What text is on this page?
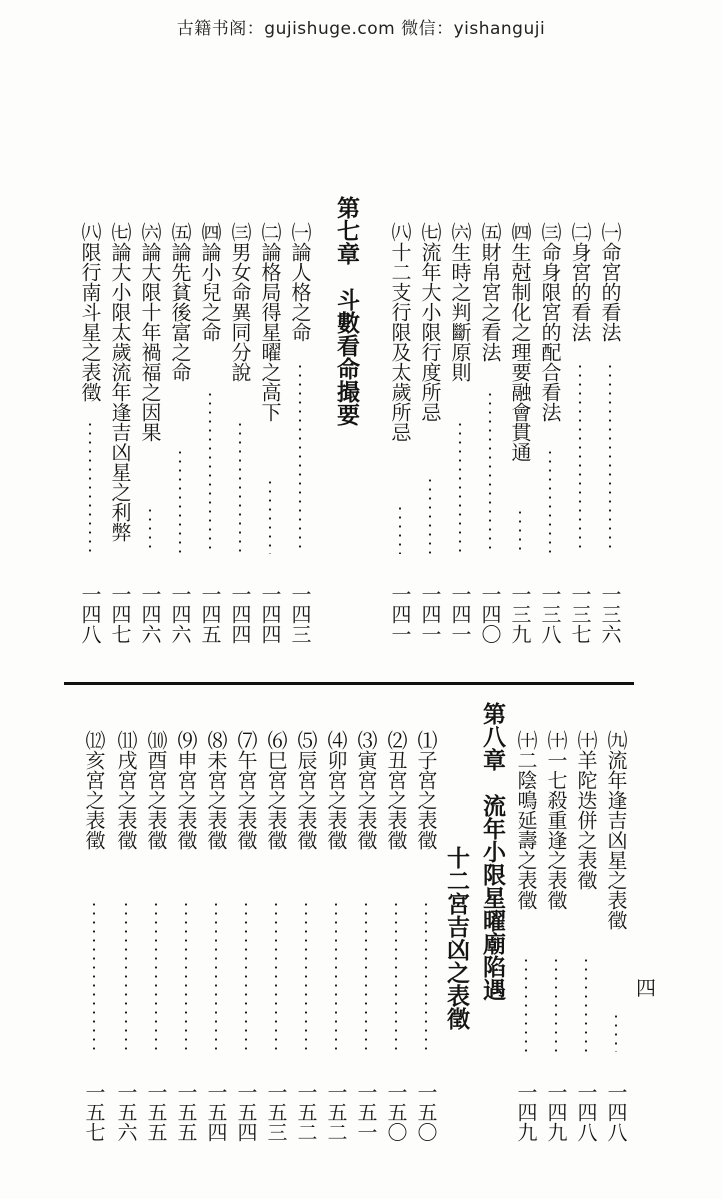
古籍书阁：gujishuge.com 微信：yishanguji
㈠命宮的看法
一三六
㈡身宮的看法
一三七
㈢命身限宮的配合看法
一三八
㈣生尅制化之理要融會貫通
一三九
㈤財帛宮之看法
一四〇
㈥生時之判斷原則
一四一
㈦流年大小限行度所忌
一四一
㈧十二支行限及太歲所忌
一四一
第七章　斗數看命撮要
㈠論人格之命
一四三
㈡論格局得星曜之高下
一四四
㈢男女命異同分說
一四四
㈣論小兒之命
一四五
㈤論先貧後富之命
一四六
㈥論大限十年禍福之因果
一四六
㈦論大小限太歲流年逢吉凶星之利弊
一四七
㈧限行南斗星之表徵
一四八
㈨流年逢吉凶星之表徵
一四八
㈩羊陀迭併之表徵
一四八
㈩一七殺重逢之表徵
一四九
㈩二陰鳴延壽之表徵
一四九
第八章　流年小限星曜廟陷遇
十二宮吉凶之表徵
⑴子宮之表徵
一五〇
⑵丑宮之表徵
一五〇
⑶寅宮之表徵
一五一
⑷卯宮之表徵
一五二
⑸辰宮之表徵
一五二
⑹巳宮之表徵
一五三
⑺午宮之表徵
一五四
⑻未宮之表徵
一五四
⑼申宮之表徵
一五五
⑽酉宮之表徵
一五五
⑾戌宮之表徵
一五六
⑿亥宮之表徵
一五七
四
